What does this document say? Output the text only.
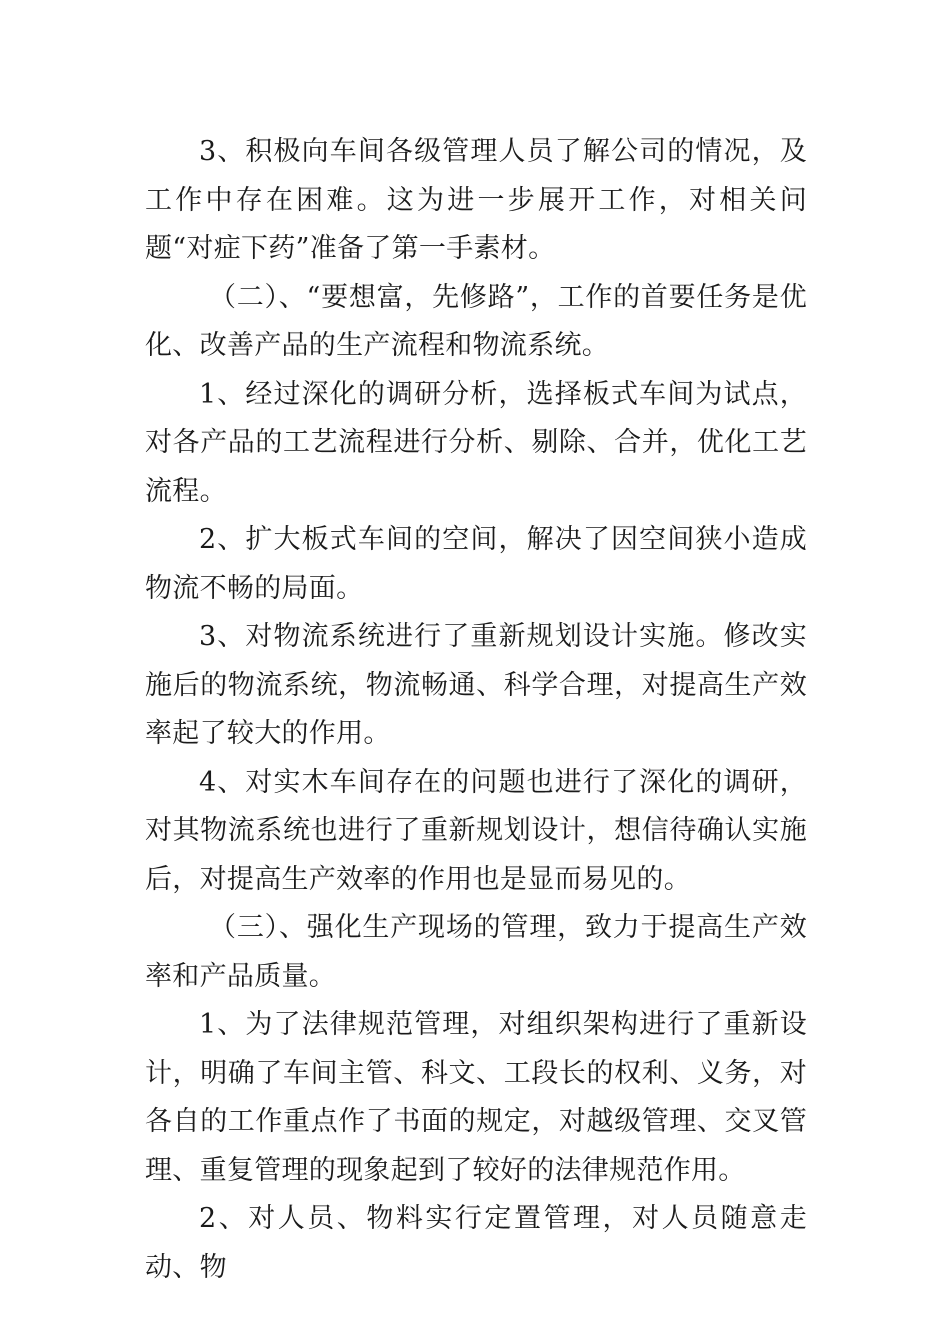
3、积极向车间各级管理人员了解公司的情况，及工作中存在困难。这为进一步展开工作，对相关问题“对症下药”准备了第一手素材。

（二）、“要想富，先修路”，工作的首要任务是优化、改善产品的生产流程和物流系统。

1、经过深化的调研分析，选择板式车间为试点，对各产品的工艺流程进行分析、剔除、合并，优化工艺流程。

2、扩大板式车间的空间，解决了因空间狭小造成物流不畅的局面。

3、对物流系统进行了重新规划设计实施。修改实施后的物流系统，物流畅通、科学合理，对提高生产效率起了较大的作用。

4、对实木车间存在的问题也进行了深化的调研，对其物流系统也进行了重新规划设计，想信待确认实施后，对提高生产效率的作用也是显而易见的。

（三）、强化生产现场的管理，致力于提高生产效率和产品质量。

1、为了法律规范管理，对组织架构进行了重新设计，明确了车间主管、科文、工段长的权利、义务，对各自的工作重点作了书面的规定，对越级管理、交叉管理、重复管理的现象起到了较好的法律规范作用。

2、对人员、物料实行定置管理，对人员随意走动、物
